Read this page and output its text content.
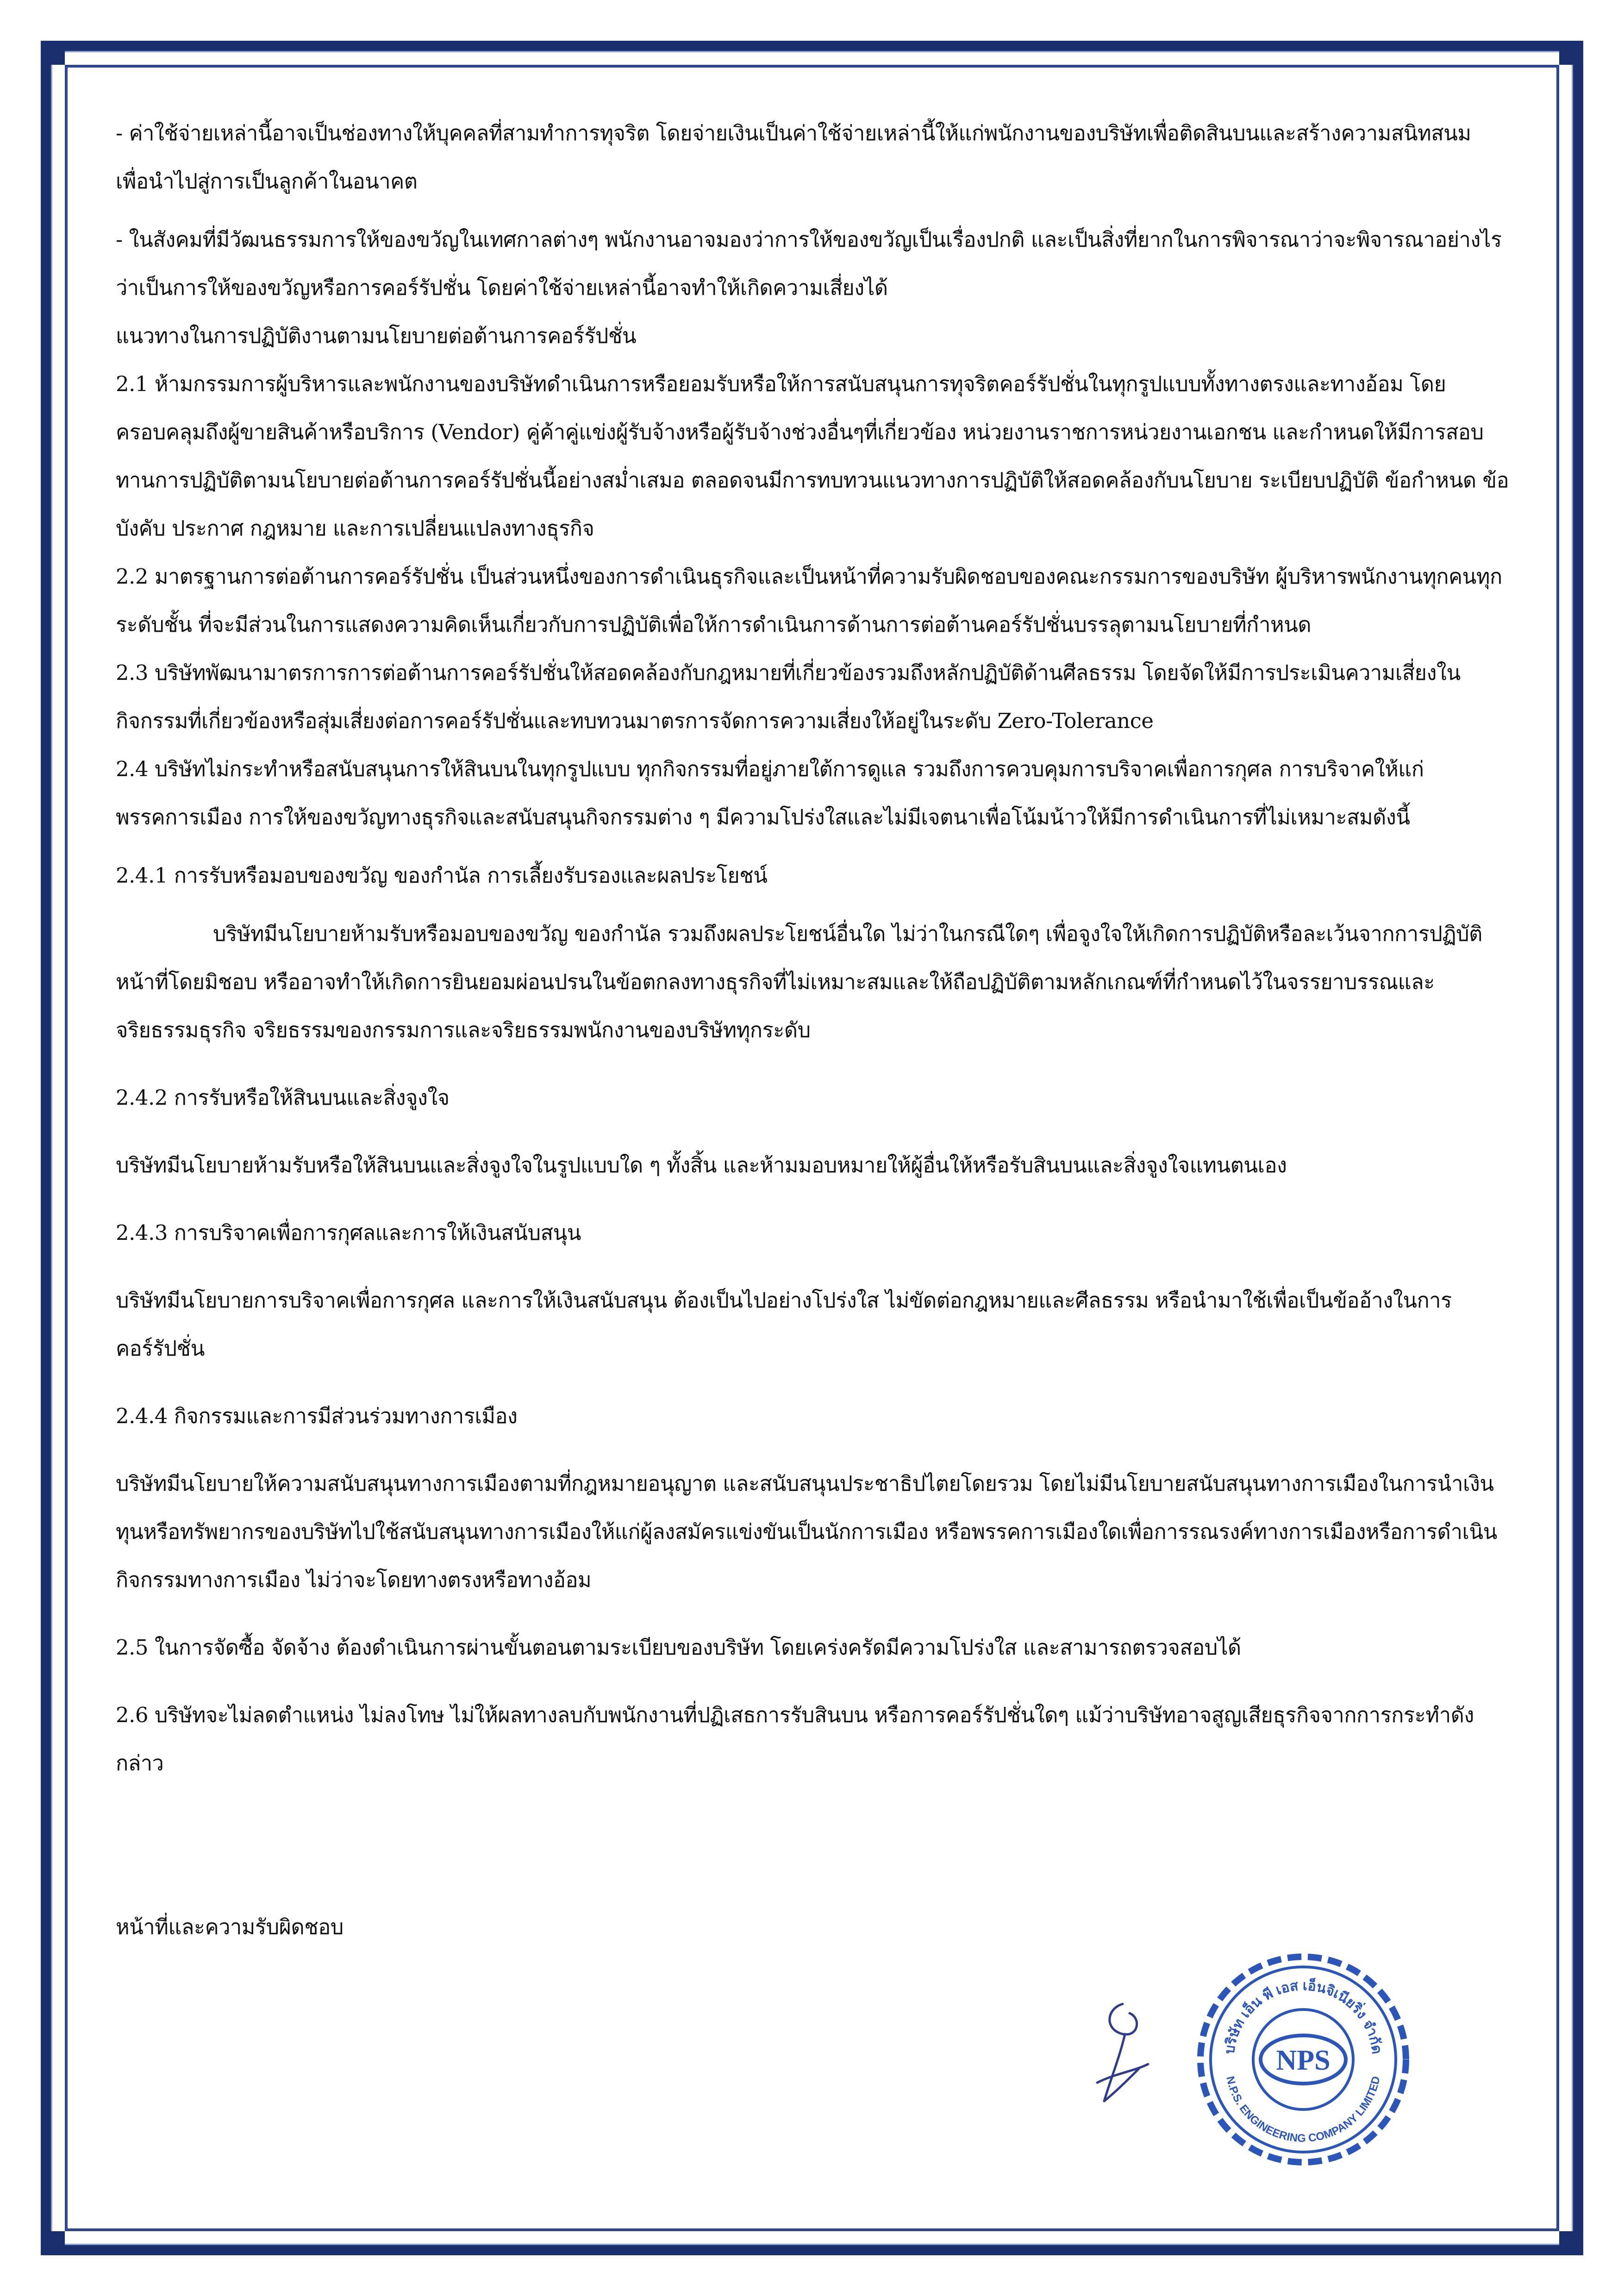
- ค่าใช้จ่ายเหล่านี้อาจเป็นช่องทางให้บุคคลที่สามทำการทุจริต โดยจ่ายเงินเป็นค่าใช้จ่ายเหล่านี้ให้แก่พนักงานของบริษัทเพื่อติดสินบนและสร้างความสนิทสนม เพื่อนำไปสู่การเป็นลูกค้าในอนาคต

- ในสังคมที่มีวัฒนธรรมการให้ของขวัญในเทศกาลต่างๆ พนักงานอาจมองว่าการให้ของขวัญเป็นเรื่องปกติ และเป็นสิ่งที่ยากในการพิจารณาว่าจะพิจารณาอย่างไรว่าเป็นการให้ของขวัญหรือการคอร์รัปชั่น โดยค่าใช้จ่ายเหล่านี้อาจทำให้เกิดความเสี่ยงได้

แนวทางในการปฏิบัติงานตามนโยบายต่อต้านการคอร์รัปชั่น

2.1 ห้ามกรรมการผู้บริหารและพนักงานของบริษัทดำเนินการหรือยอมรับหรือให้การสนับสนุนการทุจริตคอร์รัปชั่นในทุกรูปแบบทั้งทางตรงและทางอ้อม โดยครอบคลุมถึงผู้ขายสินค้าหรือบริการ (Vendor) คู่ค้าคู่แข่งผู้รับจ้างหรือผู้รับจ้างช่วงอื่นๆที่เกี่ยวข้อง หน่วยงานราชการหน่วยงานเอกชน และกำหนดให้มีการสอบทานการปฏิบัติตามนโยบายต่อต้านการคอร์รัปชั่นนี้อย่างสม่ำเสมอ ตลอดจนมีการทบทวนแนวทางการปฏิบัติให้สอดคล้องกับนโยบาย ระเบียบปฏิบัติ ข้อกำหนด ข้อบังคับ ประกาศ กฎหมาย และการเปลี่ยนแปลงทางธุรกิจ

2.2 มาตรฐานการต่อต้านการคอร์รัปชั่น เป็นส่วนหนึ่งของการดำเนินธุรกิจและเป็นหน้าที่ความรับผิดชอบของคณะกรรมการของบริษัท ผู้บริหารพนักงานทุกคนทุกระดับชั้น ที่จะมีส่วนในการแสดงความคิดเห็นเกี่ยวกับการปฏิบัติเพื่อให้การดำเนินการด้านการต่อต้านคอร์รัปชั่นบรรลุตามนโยบายที่กำหนด

2.3 บริษัทพัฒนามาตรการการต่อต้านการคอร์รัปชั่นให้สอดคล้องกับกฎหมายที่เกี่ยวข้องรวมถึงหลักปฏิบัติด้านศีลธรรม โดยจัดให้มีการประเมินความเสี่ยงในกิจกรรมที่เกี่ยวข้องหรือสุ่มเสี่ยงต่อการคอร์รัปชั่นและทบทวนมาตรการจัดการความเสี่ยงให้อยู่ในระดับ Zero-Tolerance

2.4 บริษัทไม่กระทำหรือสนับสนุนการให้สินบนในทุกรูปแบบ ทุกกิจกรรมที่อยู่ภายใต้การดูแล รวมถึงการควบคุมการบริจาคเพื่อการกุศล การบริจาคให้แก่พรรคการเมือง การให้ของขวัญทางธุรกิจและสนับสนุนกิจกรรมต่าง ๆ มีความโปร่งใสและไม่มีเจตนาเพื่อโน้มน้าวให้มีการดำเนินการที่ไม่เหมาะสมดังนี้

2.4.1 การรับหรือมอบของขวัญ ของกำนัล การเลี้ยงรับรองและผลประโยชน์

บริษัทมีนโยบายห้ามรับหรือมอบของขวัญ ของกำนัล รวมถึงผลประโยชน์อื่นใด ไม่ว่าในกรณีใดๆ เพื่อจูงใจให้เกิดการปฏิบัติหรือละเว้นจากการปฏิบัติหน้าที่โดยมิชอบ หรืออาจทำให้เกิดการยินยอมผ่อนปรนในข้อตกลงทางธุรกิจที่ไม่เหมาะสมและให้ถือปฏิบัติตามหลักเกณฑ์ที่กำหนดไว้ในจรรยาบรรณและจริยธรรมธุรกิจ จริยธรรมของกรรมการและจริยธรรมพนักงานของบริษัททุกระดับ

2.4.2 การรับหรือให้สินบนและสิ่งจูงใจ

บริษัทมีนโยบายห้ามรับหรือให้สินบนและสิ่งจูงใจในรูปแบบใด ๆ ทั้งสิ้น และห้ามมอบหมายให้ผู้อื่นให้หรือรับสินบนและสิ่งจูงใจแทนตนเอง

2.4.3 การบริจาคเพื่อการกุศลและการให้เงินสนับสนุน

บริษัทมีนโยบายการบริจาคเพื่อการกุศล และการให้เงินสนับสนุน ต้องเป็นไปอย่างโปร่งใส ไม่ขัดต่อกฎหมายและศีลธรรม หรือนำมาใช้เพื่อเป็นข้ออ้างในการคอร์รัปชั่น

2.4.4 กิจกรรมและการมีส่วนร่วมทางการเมือง

บริษัทมีนโยบายให้ความสนับสนุนทางการเมืองตามที่กฎหมายอนุญาต และสนับสนุนประชาธิปไตยโดยรวม โดยไม่มีนโยบายสนับสนุนทางการเมืองในการนำเงินทุนหรือทรัพยากรของบริษัทไปใช้สนับสนุนทางการเมืองให้แก่ผู้ลงสมัครแข่งขันเป็นนักการเมือง หรือพรรคการเมืองใดเพื่อการรณรงค์ทางการเมืองหรือการดำเนินกิจกรรมทางการเมือง ไม่ว่าจะโดยทางตรงหรือทางอ้อม

2.5 ในการจัดซื้อ จัดจ้าง ต้องดำเนินการผ่านขั้นตอนตามระเบียบของบริษัท โดยเคร่งครัดมีความโปร่งใส และสามารถตรวจสอบได้

2.6 บริษัทจะไม่ลดตำแหน่ง ไม่ลงโทษ ไม่ให้ผลทางลบกับพนักงานที่ปฏิเสธการรับสินบน หรือการคอร์รัปชั่นใดๆ แม้ว่าบริษัทอาจสูญเสียธุรกิจจากการกระทำดังกล่าว

หน้าที่และความรับผิดชอบ

บริษัท เอ็น พี เอส เอ็นจิเนียริ่ง จำกัด
N.P.S. ENGINEERING COMPANY LIMITED
NPS
